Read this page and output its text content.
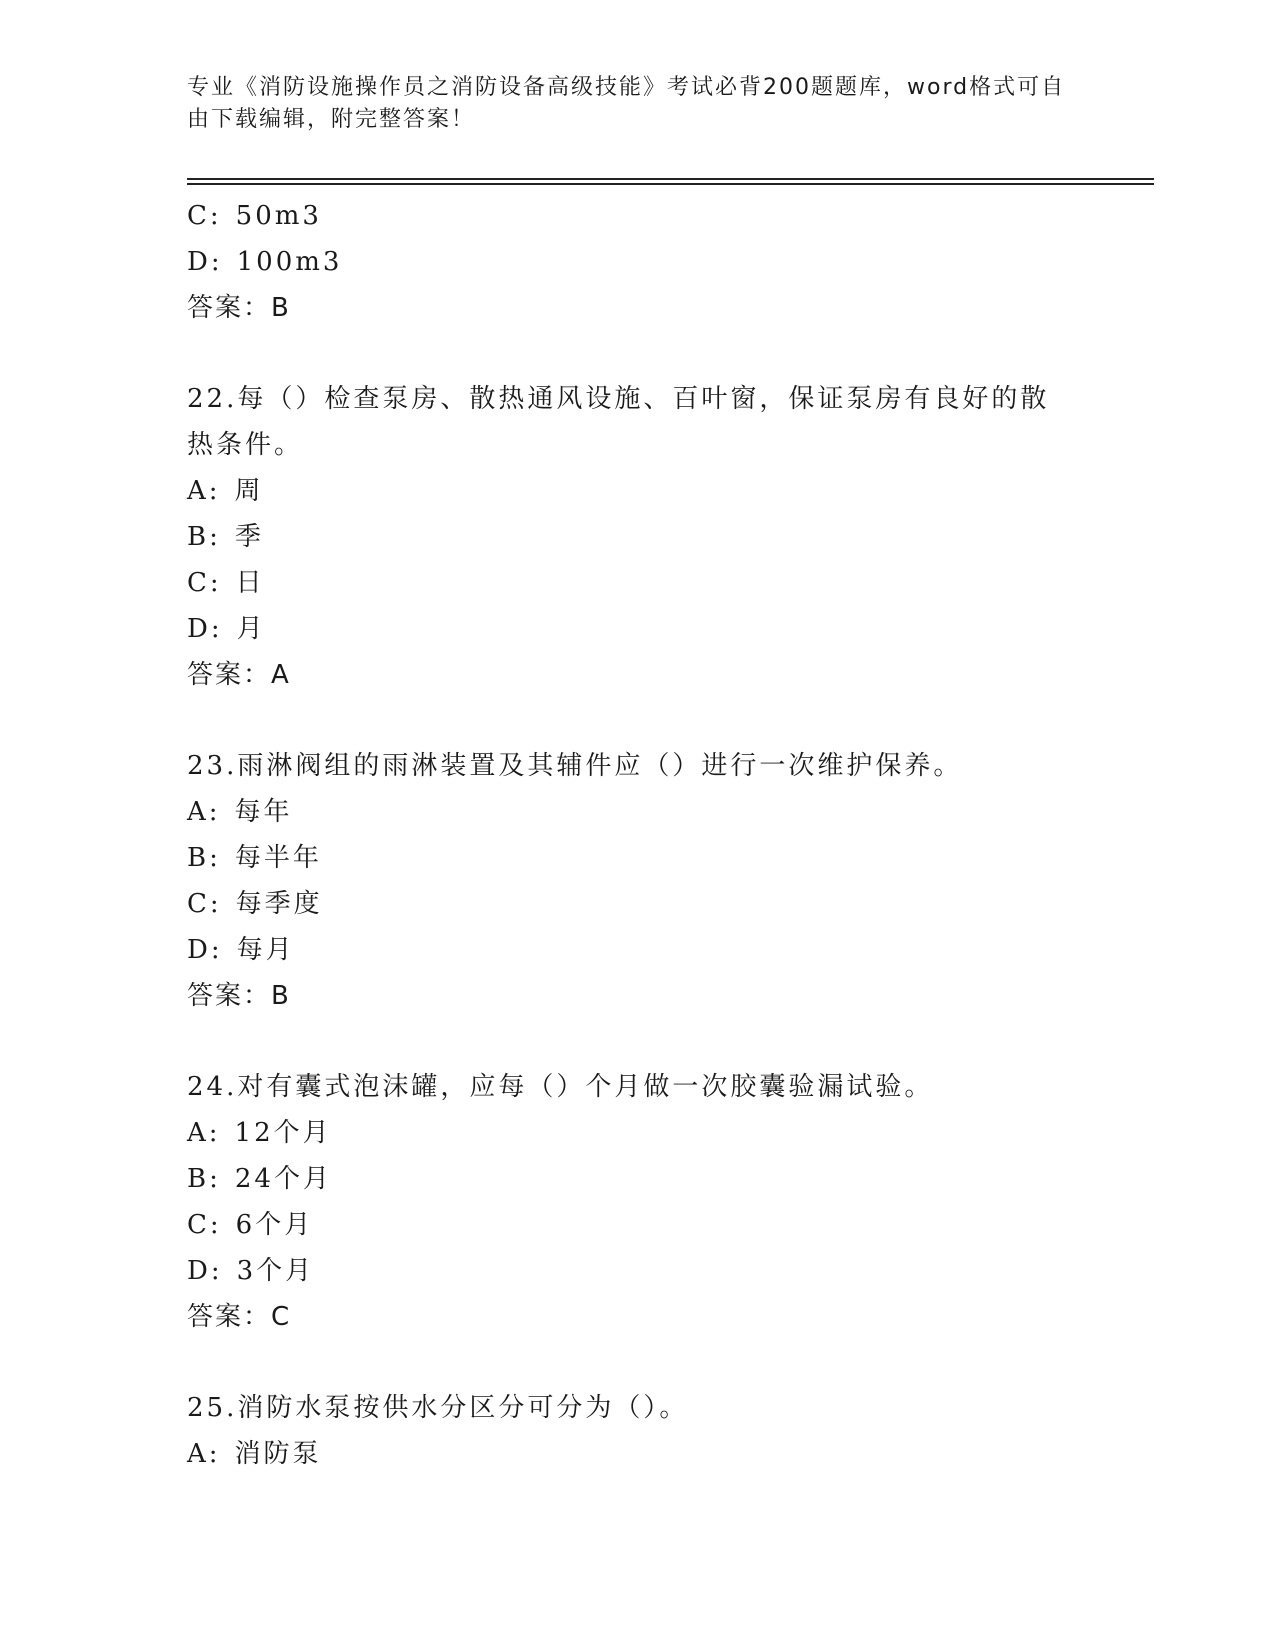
专业《消防设施操作员之消防设备高级技能》考试必背200题题库，word格式可自由下载编辑，附完整答案！
C: 50m3
D: 100m3
答案：B
22.每（）检查泵房、散热通风设施、百叶窗，保证泵房有良好的散热条件。
A: 周
B: 季
C: 日
D: 月
答案：A
23.雨淋阀组的雨淋装置及其辅件应（）进行一次维护保养。
A: 每年
B: 每半年
C: 每季度
D: 每月
答案：B
24.对有囊式泡沫罐，应每（）个月做一次胶囊验漏试验。
A: 12个月
B: 24个月
C: 6个月
D: 3个月
答案：C
25.消防水泵按供水分区分可分为（）。
A: 消防泵
